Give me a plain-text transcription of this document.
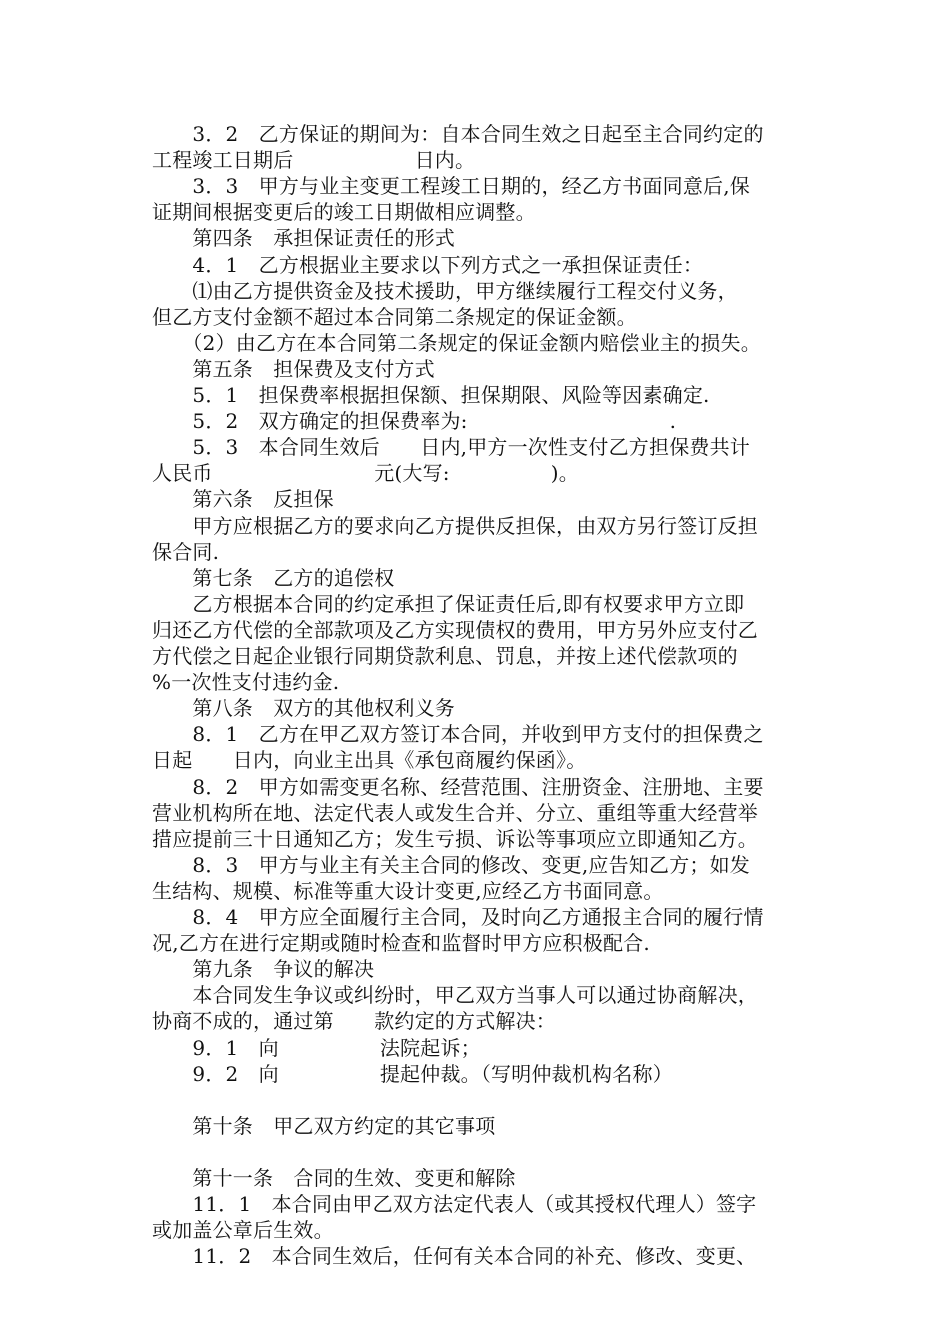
　　3．2　乙方保证的期间为：自本合同生效之日起至主合同约定的
工程竣工日期后　　　　　　日内。
　　3．3　甲方与业主变更工程竣工日期的，经乙方书面同意后,保
证期间根据变更后的竣工日期做相应调整。
　　第四条　承担保证责任的形式
　　4．1　乙方根据业主要求以下列方式之一承担保证责任：
　　⑴由乙方提供资金及技术援助，甲方继续履行工程交付义务，
但乙方支付金额不超过本合同第二条规定的保证金额。
　　（2）由乙方在本合同第二条规定的保证金额内赔偿业主的损失。
　　第五条　担保费及支付方式
　　5．1　担保费率根据担保额、担保期限、风险等因素确定.
　　5．2　双方确定的担保费率为:　　　　　　　　　　.
　　5．3　本合同生效后　　日内,甲方一次性支付乙方担保费共计
人民币　　　　　　　　元(大写:　　　　　)。
　　第六条　反担保
　　甲方应根据乙方的要求向乙方提供反担保，由双方另行签订反担
保合同.
　　第七条　乙方的追偿权
　　乙方根据本合同的约定承担了保证责任后,即有权要求甲方立即
归还乙方代偿的全部款项及乙方实现债权的费用，甲方另外应支付乙
方代偿之日起企业银行同期贷款利息、罚息，并按上述代偿款项的
%一次性支付违约金.
　　第八条　双方的其他权利义务
　　8．1　乙方在甲乙双方签订本合同，并收到甲方支付的担保费之
日起　　日内，向业主出具《承包商履约保函》。
　　8．2　甲方如需变更名称、经营范围、注册资金、注册地、主要
营业机构所在地、法定代表人或发生合并、分立、重组等重大经营举
措应提前三十日通知乙方；发生亏损、诉讼等事项应立即通知乙方。
　　8．3　甲方与业主有关主合同的修改、变更,应告知乙方；如发
生结构、规模、标准等重大设计变更,应经乙方书面同意。
　　8．4　甲方应全面履行主合同，及时向乙方通报主合同的履行情
况,乙方在进行定期或随时检查和监督时甲方应积极配合.
　　第九条　争议的解决
　　本合同发生争议或纠纷时，甲乙双方当事人可以通过协商解决，
协商不成的，通过第　　款约定的方式解决：
　　9．1　向　　　　　法院起诉；
　　9．2　向　　　　　提起仲裁。（写明仲裁机构名称）
　　第十条　甲乙双方约定的其它事项
　　第十一条　合同的生效、变更和解除
　　11．1　本合同由甲乙双方法定代表人（或其授权代理人）签字
或加盖公章后生效。
　　11．2　本合同生效后，任何有关本合同的补充、修改、变更、
